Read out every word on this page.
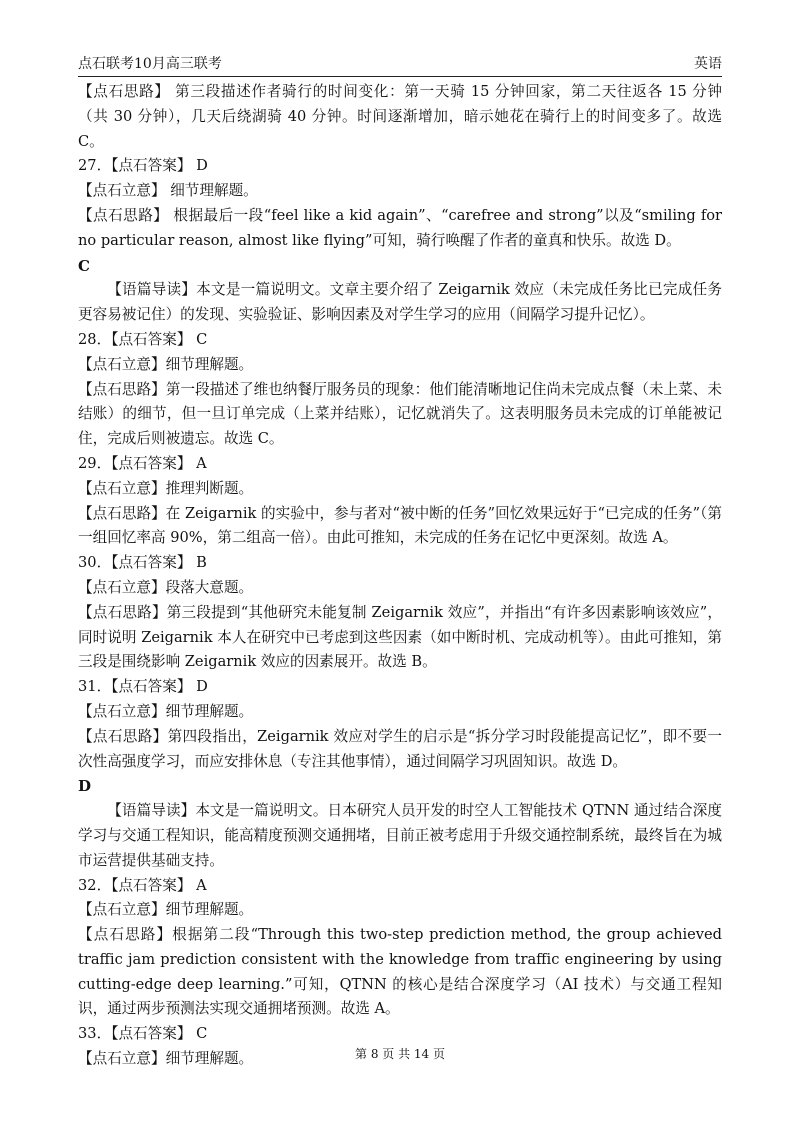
点石联考10月高三联考	英语

【点石思路】 第三段描述作者骑行的时间变化：第一天骑 15 分钟回家，第二天往返各 15 分钟（共 30 分钟），几天后绕湖骑 40 分钟。时间逐渐增加，暗示她花在骑行上的时间变多了。故选 C。

27．【点石答案】 D

【点石立意】 细节理解题。

【点石思路】 根据最后一段“feel like a kid again”、“carefree and strong”以及“smiling for no particular reason, almost like flying”可知，骑行唤醒了作者的童真和快乐。故选 D。

C

【语篇导读】本文是一篇说明文。文章主要介绍了 Zeigarnik 效应（未完成任务比已完成任务更容易被记住）的发现、实验验证、影响因素及对学生学习的应用（间隔学习提升记忆）。

28．【点石答案】 C

【点石立意】细节理解题。

【点石思路】第一段描述了维也纳餐厅服务员的现象：他们能清晰地记住尚未完成点餐（未上菜、未结账）的细节，但一旦订单完成（上菜并结账），记忆就消失了。这表明服务员未完成的订单能被记住，完成后则被遗忘。故选 C。

29．【点石答案】 A

【点石立意】推理判断题。

【点石思路】在 Zeigarnik 的实验中，参与者对“被中断的任务”回忆效果远好于“已完成的任务”（第一组回忆率高 90%，第二组高一倍）。由此可推知，未完成的任务在记忆中更深刻。故选 A。

30．【点石答案】 B

【点石立意】段落大意题。

【点石思路】第三段提到“其他研究未能复制 Zeigarnik 效应”，并指出“有许多因素影响该效应”，同时说明 Zeigarnik 本人在研究中已考虑到这些因素（如中断时机、完成动机等）。由此可推知，第三段是围绕影响 Zeigarnik 效应的因素展开。故选 B。

31．【点石答案】 D

【点石立意】细节理解题。

【点石思路】第四段指出，Zeigarnik 效应对学生的启示是“拆分学习时段能提高记忆”，即不要一次性高强度学习，而应安排休息（专注其他事情），通过间隔学习巩固知识。故选 D。

D

【语篇导读】本文是一篇说明文。日本研究人员开发的时空人工智能技术 QTNN 通过结合深度学习与交通工程知识，能高精度预测交通拥堵，目前正被考虑用于升级交通控制系统，最终旨在为城市运营提供基础支持。

32．【点石答案】 A

【点石立意】细节理解题。

【点石思路】根据第二段“Through this two-step prediction method, the group achieved traffic jam prediction consistent with the knowledge from traffic engineering by using cutting-edge deep learning.”可知，QTNN 的核心是结合深度学习（AI 技术）与交通工程知识，通过两步预测法实现交通拥堵预测。故选 A。

33．【点石答案】 C

【点石立意】细节理解题。	第 8 页 共 14 页
